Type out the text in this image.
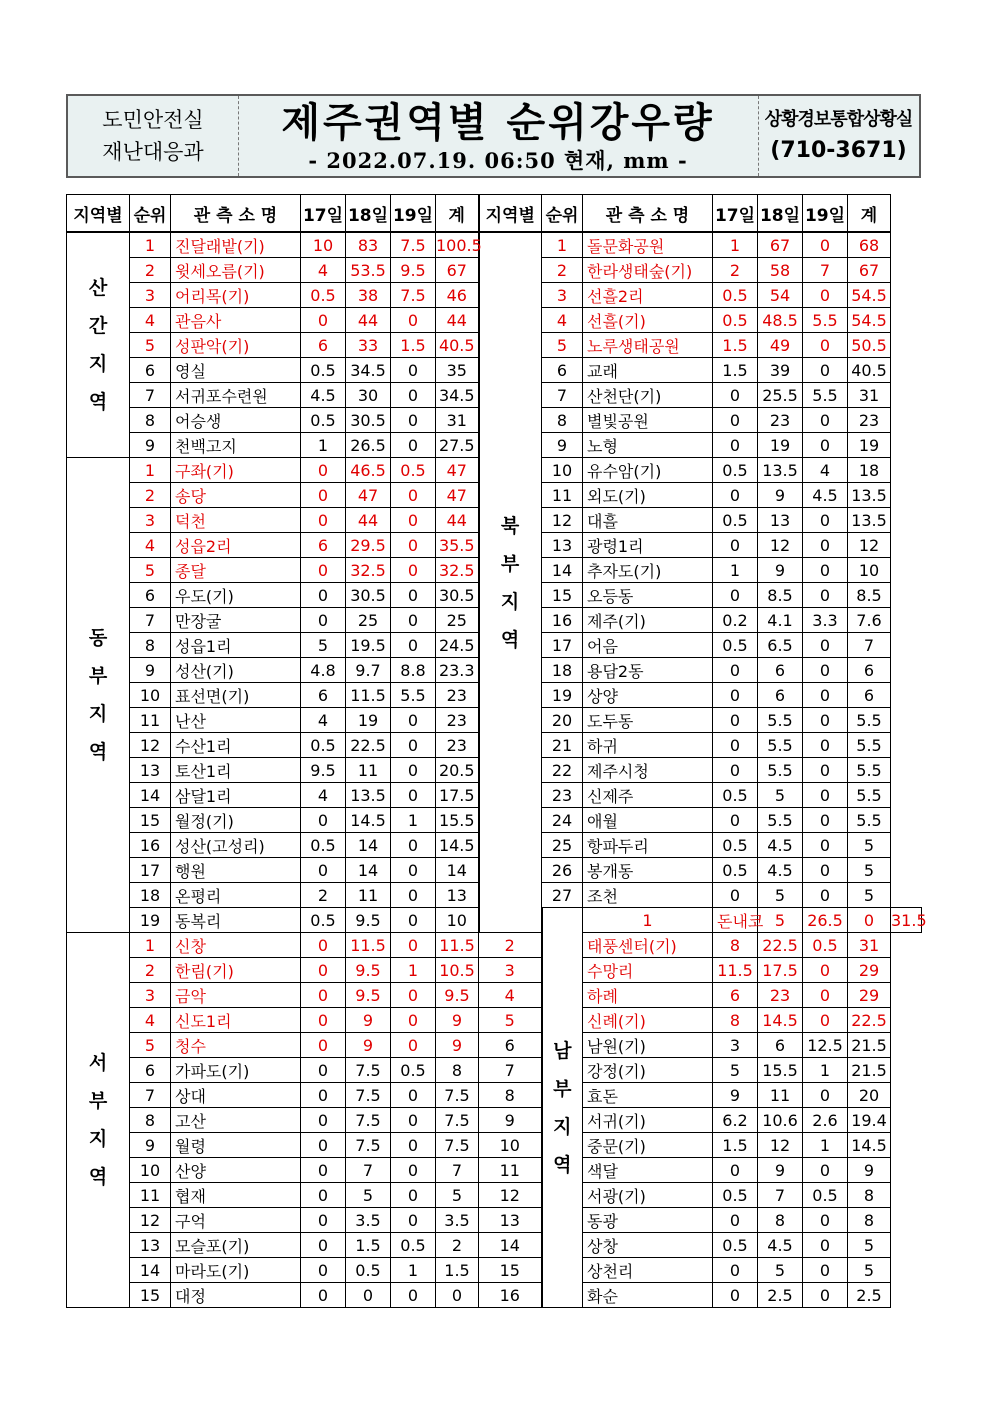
도민안전실
재난대응과
제주권역별 순위강우량
- 2022.07.19. 06:50 현재, mm -
상황경보통합상황실
(710-3671)
지역별	순위	관 측 소 명	17일	18일	19일	계	지역별	순위	관 측 소 명	17일	18일	19일	계	

산간지역	1	진달래밭(기)	10	83	7.5	100.5	북부지역	1	돌문화공원	1	67	0	68	
	2	윗세오름(기)	4	53.5	9.5	67		2	한라생태숲(기)	2	58	7	67	
	3	어리목(기)	0.5	38	7.5	46		3	선흘2리	0.5	54	0	54.5	
	4	관음사	0	44	0	44		4	선흘(기)	0.5	48.5	5.5	54.5	
	5	성판악(기)	6	33	1.5	40.5		5	노루생태공원	1.5	49	0	50.5	
	6	영실	0.5	34.5	0	35		6	교래	1.5	39	0	40.5	
	7	서귀포수련원	4.5	30	0	34.5		7	산천단(기)	0	25.5	5.5	31	
	8	어승생	0.5	30.5	0	31		8	별빛공원	0	23	0	23	
	9	천백고지	1	26.5	0	27.5		9	노형	0	19	0	19	

동부지역	1	구좌(기)	0	46.5	0.5	47		10	유수암(기)	0.5	13.5	4	18	
	2	송당	0	47	0	47		11	외도(기)	0	9	4.5	13.5	
	3	덕천	0	44	0	44		12	대흘	0.5	13	0	13.5	
	4	성읍2리	6	29.5	0	35.5		13	광령1리	0	12	0	12	
	5	종달	0	32.5	0	32.5		14	추자도(기)	1	9	0	10	
	6	우도(기)	0	30.5	0	30.5		15	오등동	0	8.5	0	8.5	
	7	만장굴	0	25	0	25		16	제주(기)	0.2	4.1	3.3	7.6	
	8	성읍1리	5	19.5	0	24.5		17	어음	0.5	6.5	0	7	
	9	성산(기)	4.8	9.7	8.8	23.3		18	용담2동	0	6	0	6	
	10	표선면(기)	6	11.5	5.5	23		19	상양	0	6	0	6	
	11	난산	4	19	0	23		20	도두동	0	5.5	0	5.5	
	12	수산1리	0.5	22.5	0	23		21	하귀	0	5.5	0	5.5	
	13	토산1리	9.5	11	0	20.5		22	제주시청	0	5.5	0	5.5	
	14	삼달1리	4	13.5	0	17.5		23	신제주	0.5	5	0	5.5	
	15	월정(기)	0	14.5	1	15.5		24	애월	0	5.5	0	5.5	
	16	성산(고성리)	0.5	14	0	14.5		25	항파두리	0.5	4.5	0	5	
	17	행원	0	14	0	14		26	봉개동	0.5	4.5	0	5	
	18	온평리	2	11	0	13		27	조천	0	5	0	5	
	19	동복리	0.5	9.5	0	10		남부지역	1	돈내코	5	26.5	0	31.5

서부지역	1	신창	0	11.5	0	11.5	2		태풍센터(기)	8	22.5	0.5	31	
	2	한림(기)	0	9.5	1	10.5	3		수망리	11.5	17.5	0	29	
	3	금악	0	9.5	0	9.5	4		하례	6	23	0	29	
	4	신도1리	0	9	0	9	5		신례(기)	8	14.5	0	22.5	
	5	청수	0	9	0	9	6		남원(기)	3	6	12.5	21.5	
	6	가파도(기)	0	7.5	0.5	8	7		강정(기)	5	15.5	1	21.5	
	7	상대	0	7.5	0	7.5	8		효돈	9	11	0	20	
	8	고산	0	7.5	0	7.5	9		서귀(기)	6.2	10.6	2.6	19.4	
	9	월령	0	7.5	0	7.5	10		중문(기)	1.5	12	1	14.5	
	10	산양	0	7	0	7	11		색달	0	9	0	9	
	11	협재	0	5	0	5	12		서광(기)	0.5	7	0.5	8	
	12	구억	0	3.5	0	3.5	13		동광	0	8	0	8	
	13	모슬포(기)	0	1.5	0.5	2	14		상창	0.5	4.5	0	5	
	14	마라도(기)	0	0.5	1	1.5	15		상천리	0	5	0	5	
	15	대정	0	0	0	0	16		화순	0	2.5	0	2.5	
